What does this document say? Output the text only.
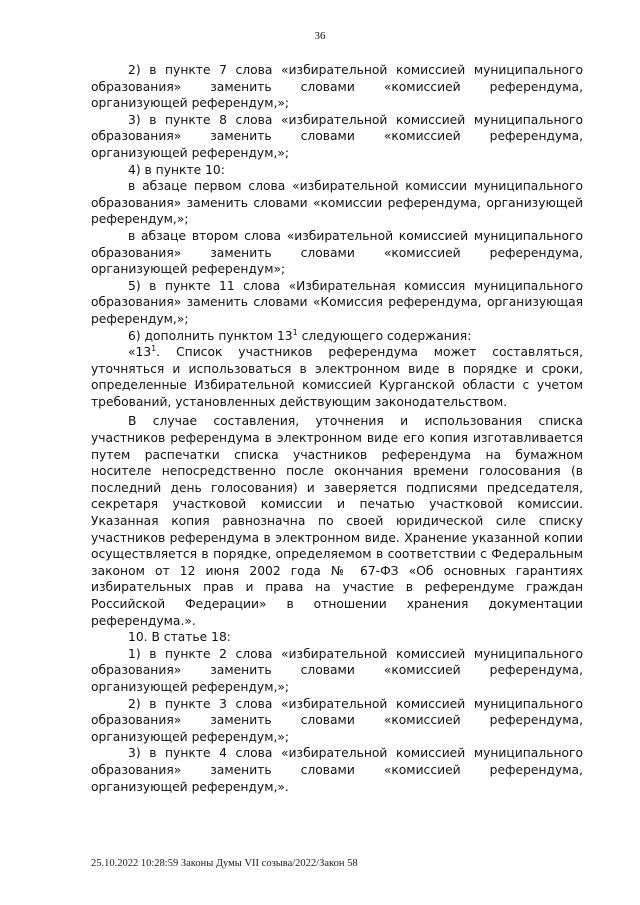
36

2) в пункте 7 слова «избирательной комиссией муниципального образования» заменить словами «комиссией референдума, организующей референдум,»;

3) в пункте 8 слова «избирательной комиссией муниципального образования» заменить словами «комиссией референдума, организующей референдум,»;

4) в пункте 10:

в абзаце первом слова «избирательной комиссии муниципального образования» заменить словами «комиссии референдума, организующей референдум,»;

в абзаце втором слова «избирательной комиссией муниципального образования» заменить словами «комиссией референдума, организующей референдум»;

5) в пункте 11 слова «Избирательная комиссия муниципального образования» заменить словами «Комиссия референдума, организующая референдум,»;

6) дополнить пунктом $13^1$ следующего содержания:

«$13^1$. Список участников референдума может составляться, уточняться и использоваться в электронном виде в порядке и сроки, определенные Избирательной комиссией Курганской области с учетом требований, установленных действующим законодательством.

В случае составления, уточнения и использования списка участников референдума в электронном виде его копия изготавливается путем распечатки списка участников референдума на бумажном носителе непосредственно после окончания времени голосования (в последний день голосования) и заверяется подписями председателя, секретаря участковой комиссии и печатью участковой комиссии. Указанная копия равнозначна по своей юридической силе списку участников референдума в электронном виде. Хранение указанной копии осуществляется в порядке, определяемом в соответствии с Федеральным законом от 12 июня 2002 года № 67-ФЗ «Об основных гарантиях избирательных прав и права на участие в референдуме граждан Российской Федерации» в отношении хранения документации референдума.».

10. В статье 18:

1) в пункте 2 слова «избирательной комиссией муниципального образования» заменить словами «комиссией референдума, организующей референдум,»;

2) в пункте 3 слова «избирательной комиссией муниципального образования» заменить словами «комиссией референдума, организующей референдум,»;

3) в пункте 4 слова «избирательной комиссией муниципального образования» заменить словами «комиссией референдума, организующей референдум,».

25.10.2022 10:28:59 Законы Думы VII созыва/2022/Закон 58
